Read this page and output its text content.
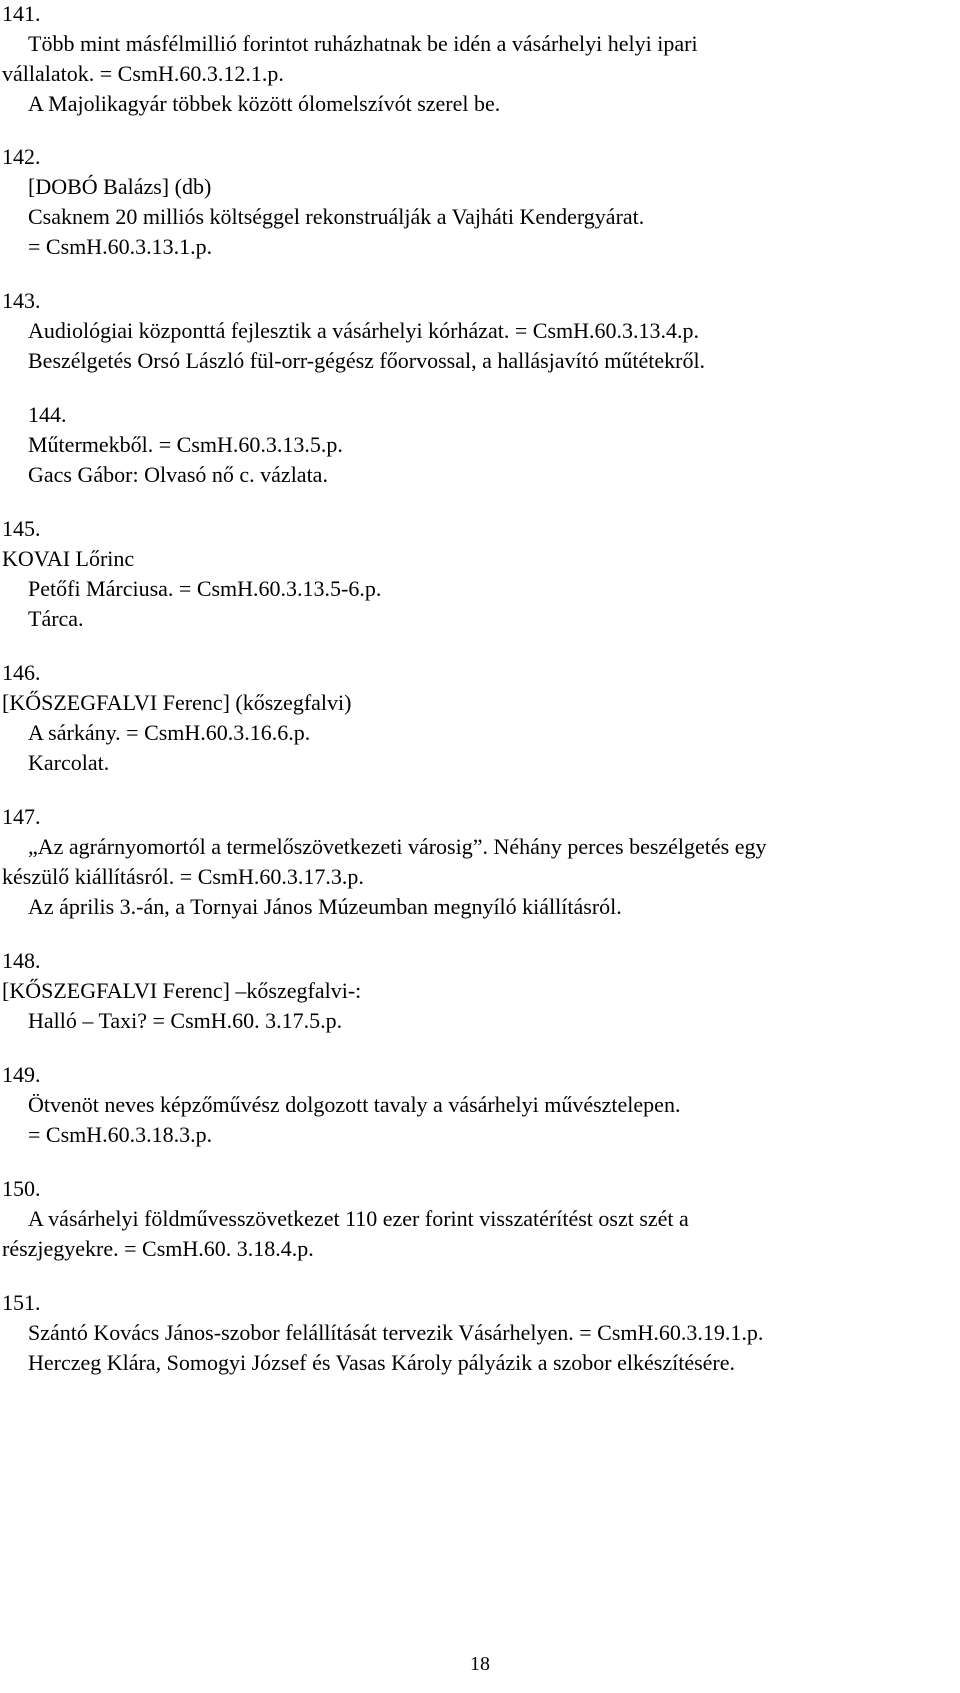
141.
Több mint másfélmillió forintot ruházhatnak be idén a vásárhelyi helyi ipari
vállalatok. = CsmH.60.3.12.1.p.
A Majolikagyár többek között ólomelszívót szerel be.
142.
[DOBÓ Balázs] (db)
Csaknem 20 milliós költséggel rekonstruálják a Vajháti Kendergyárat.
= CsmH.60.3.13.1.p.
143.
Audiológiai központtá fejlesztik a vásárhelyi kórházat. = CsmH.60.3.13.4.p.
Beszélgetés Orsó László fül-orr-gégész főorvossal, a hallásjavító műtétekről.
144.
Műtermekből. = CsmH.60.3.13.5.p.
Gacs Gábor: Olvasó nő c. vázlata.
145.
KOVAI Lőrinc
Petőfi Márciusa. = CsmH.60.3.13.5-6.p.
Tárca.
146.
[KŐSZEGFALVI Ferenc] (kőszegfalvi)
A sárkány. = CsmH.60.3.16.6.p.
Karcolat.
147.
„Az agrárnyomortól a termelőszövetkezeti városig”. Néhány perces beszélgetés egy
készülő kiállításról. = CsmH.60.3.17.3.p.
Az április 3.-án, a Tornyai János Múzeumban megnyíló kiállításról.
148.
[KŐSZEGFALVI Ferenc] –kőszegfalvi-:
Halló – Taxi? = CsmH.60. 3.17.5.p.
149.
Ötvenöt neves képzőművész dolgozott tavaly a vásárhelyi művésztelepen.
= CsmH.60.3.18.3.p.
150.
A vásárhelyi földművesszövetkezet 110 ezer forint visszatérítést oszt szét a
részjegyekre. = CsmH.60. 3.18.4.p.
151.
Szántó Kovács János-szobor felállítását tervezik Vásárhelyen. = CsmH.60.3.19.1.p.
Herczeg Klára, Somogyi József és Vasas Károly pályázik a szobor elkészítésére.
18
